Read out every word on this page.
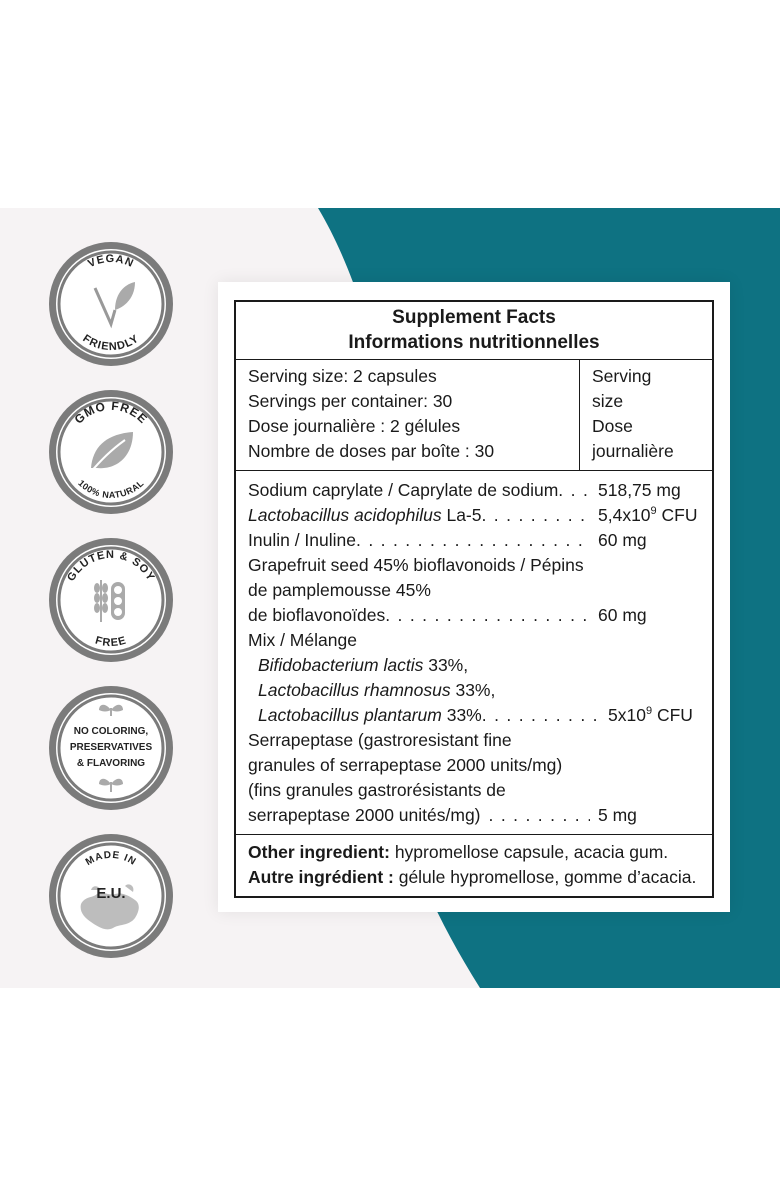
VEGAN
FRIENDLY
GMO FREE
100% NATURAL
GLUTEN & SOY
FREE
NO COLORING,
PRESERVATIVES
& FLAVORING
MADE IN
E.U.
Supplement Facts
Informations nutritionnelles
Serving size: 2 capsules
Servings per container: 30
Dose journalière : 2 gélules
Nombre de doses par boîte : 30
Serving
size
Dose
journalière
Sodium caprylate / Caprylate de sodium . . .	518,75 mg
Lactobacillus acidophilus La-5 . . .	$5,4x10^9$ CFU
Inulin / Inuline . . .	60 mg
Grapefruit seed 45% bioflavonoids / Pépins
de pamplemousse 45%
de bioflavonoïdes . . .	60 mg
Mix / Mélange
Bifidobacterium lactis 33%,
Lactobacillus rhamnosus 33%,
Lactobacillus plantarum 33% . . .	$5x10^9$ CFU
Serrapeptase (gastroresistant fine
granules of serrapeptase 2000 units/mg)
(fins granules gastrorésistants de
serrapeptase 2000 unités/mg) . . .	5 mg
Other ingredient: hypromellose capsule, acacia gum.
Autre ingrédient : gélule hypromellose, gomme d’acacia.
